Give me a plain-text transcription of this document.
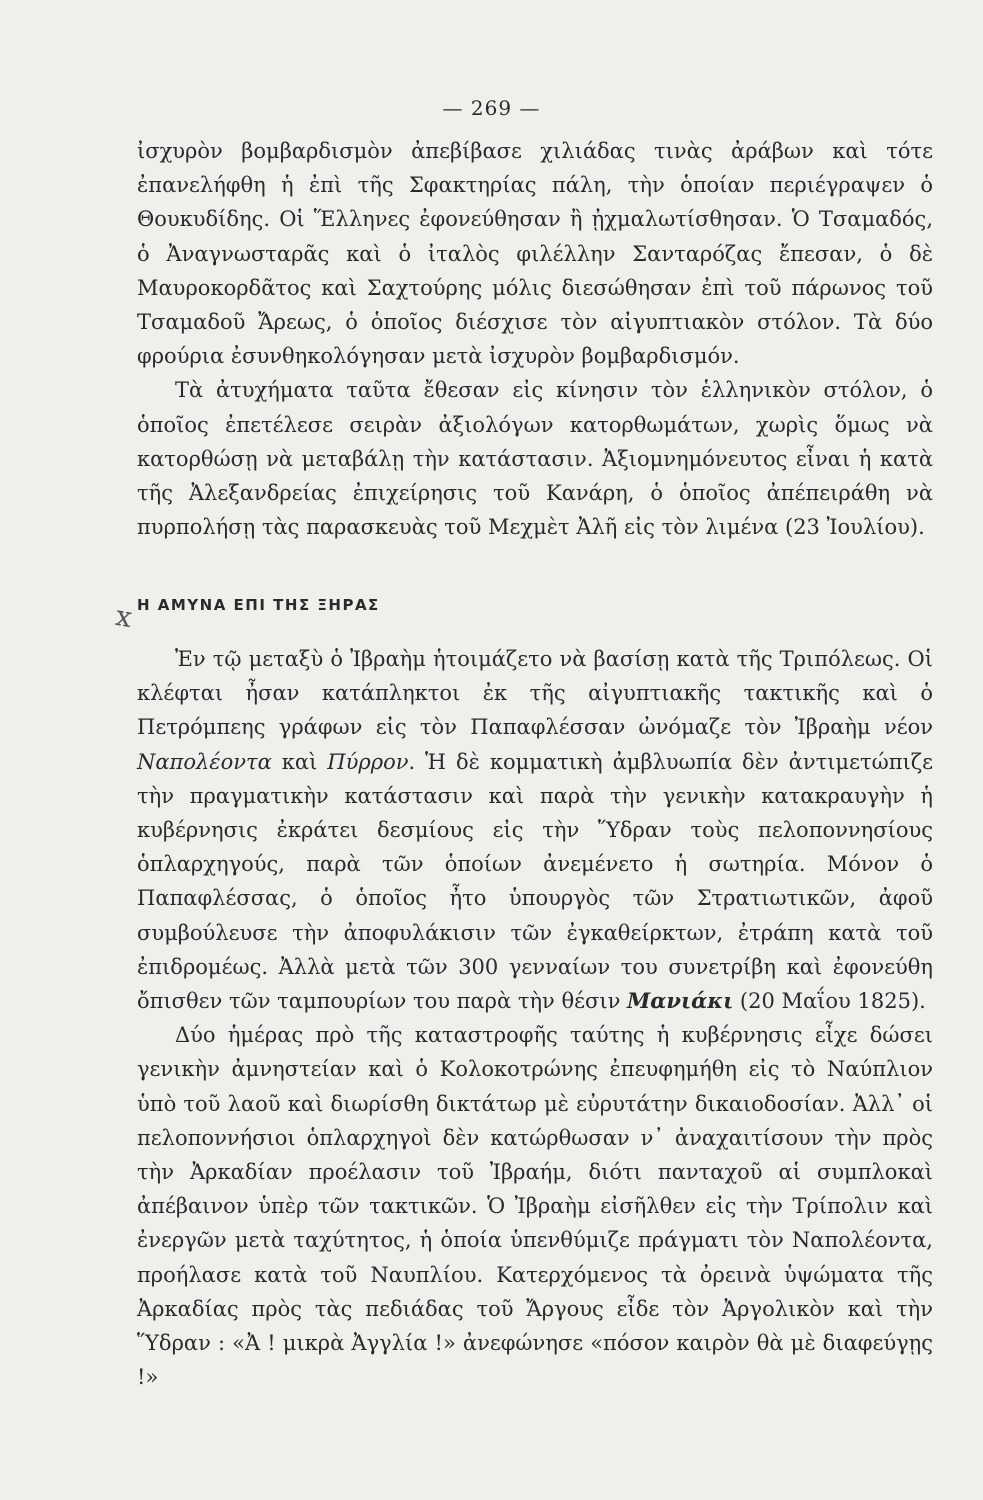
— 269 —

ἰσχυρὸν βομβαρδισμὸν ἀπεβίβασε χιλιάδας τινὰς ἀράβων καὶ τότε ἐπανελήφθη ἡ ἐπὶ τῆς Σφακτηρίας πάλη, τὴν ὁποίαν περιέγραψεν ὁ Θουκυδίδης. Οἱ Ἕλληνες ἐφονεύθησαν ἢ ᾐχμαλωτίσθησαν. Ὁ Τσαμαδός, ὁ Ἀναγνωσταρᾶς καὶ ὁ ἰταλὸς φιλέλλην Σανταρόζας ἔπεσαν, ὁ δὲ Μαυροκορδᾶτος καὶ Σαχτούρης μόλις διεσώθησαν ἐπὶ τοῦ πάρωνος τοῦ Τσαμαδοῦ Ἄρεως, ὁ ὁποῖος διέσχισε τὸν αἰγυπτιακὸν στόλον. Τὰ δύο φρούρια ἐσυνθηκολόγησαν μετὰ ἰσχυρὸν βομβαρδισμόν.

Τὰ ἀτυχήματα ταῦτα ἔθεσαν εἰς κίνησιν τὸν ἑλληνικὸν στόλον, ὁ ὁποῖος ἐπετέλεσε σειρὰν ἀξιολόγων κατορθωμάτων, χωρὶς ὅμως νὰ κατορθώσῃ νὰ μεταβάλῃ τὴν κατάστασιν. Ἀξιομνημόνευτος εἶναι ἡ κατὰ τῆς Ἀλεξανδρείας ἐπιχείρησις τοῦ Κανάρη, ὁ ὁποῖος ἀπέπειράθη νὰ πυρπολήσῃ τὰς παρασκευὰς τοῦ Μεχμὲτ Ἀλῆ εἰς τὸν λιμένα (23 Ἰουλίου).

x Η ΑΜΥΝΑ ΕΠΙ ΤΗΣ ΞΗΡΑΣ

Ἐν τῷ μεταξὺ ὁ Ἰβραὴμ ἡτοιμάζετο νὰ βασίσῃ κατὰ τῆς Τριπόλεως. Οἱ κλέφται ἦσαν κατάπληκτοι ἐκ τῆς αἰγυπτιακῆς τακτικῆς καὶ ὁ Πετρόμπεης γράφων εἰς τὸν Παπαφλέσσαν ὠνόμαζε τὸν Ἰβραὴμ νέον Ναπολέοντα καὶ Πύρρον. Ἡ δὲ κομματικὴ ἀμβλυωπία δὲν ἀντιμετώπιζε τὴν πραγματικὴν κατάστασιν καὶ παρὰ τὴν γενικὴν κατακραυγὴν ἡ κυβέρνησις ἐκράτει δεσμίους εἰς τὴν Ὕδραν τοὺς πελοποννησίους ὁπλαρχηγούς, παρὰ τῶν ὁποίων ἀνεμένετο ἡ σωτηρία. Μόνον ὁ Παπαφλέσσας, ὁ ὁποῖος ἦτο ὑπουργὸς τῶν Στρατιωτικῶν, ἀφοῦ συμβούλευσε τὴν ἀποφυλάκισιν τῶν ἐγκαθείρκτων, ἐτράπη κατὰ τοῦ ἐπιδρομέως. Ἀλλὰ μετὰ τῶν 300 γενναίων του συνετρίβη καὶ ἐφονεύθη ὄπισθεν τῶν ταμπουρίων του παρὰ τὴν θέσιν Μανιάκι (20 Μαΐου 1825).

Δύο ἡμέρας πρὸ τῆς καταστροφῆς ταύτης ἡ κυβέρνησις εἶχε δώσει γενικὴν ἀμνηστείαν καὶ ὁ Κολοκοτρώνης ἐπευφημήθη εἰς τὸ Ναύπλιον ὑπὸ τοῦ λαοῦ καὶ διωρίσθη δικτάτωρ μὲ εὐρυτάτην δικαιοδοσίαν. Ἀλλ᾿ οἱ πελοποννήσιοι ὁπλαρχηγοὶ δὲν κατώρθωσαν ν᾿ ἀναχαιτίσουν τὴν πρὸς τὴν Ἀρκαδίαν προέλασιν τοῦ Ἰβραήμ, διότι πανταχοῦ αἱ συμπλοκαὶ ἀπέβαινον ὑπὲρ τῶν τακτικῶν. Ὁ Ἰβραὴμ εἰσῆλθεν εἰς τὴν Τρίπολιν καὶ ἐνεργῶν μετὰ ταχύτητος, ἡ ὁποία ὑπενθύμιζε πράγματι τὸν Ναπολέοντα, προήλασε κατὰ τοῦ Ναυπλίου. Κατερχόμενος τὰ ὀρεινὰ ὑψώματα τῆς Ἀρκαδίας πρὸς τὰς πεδιάδας τοῦ Ἄργους εἶδε τὸν Ἀργολικὸν καὶ τὴν Ὕδραν : «Ἀ ! μικρὰ Ἀγγλία !» ἀνεφώνησε «πόσον καιρὸν θὰ μὲ διαφεύγῃς !»
